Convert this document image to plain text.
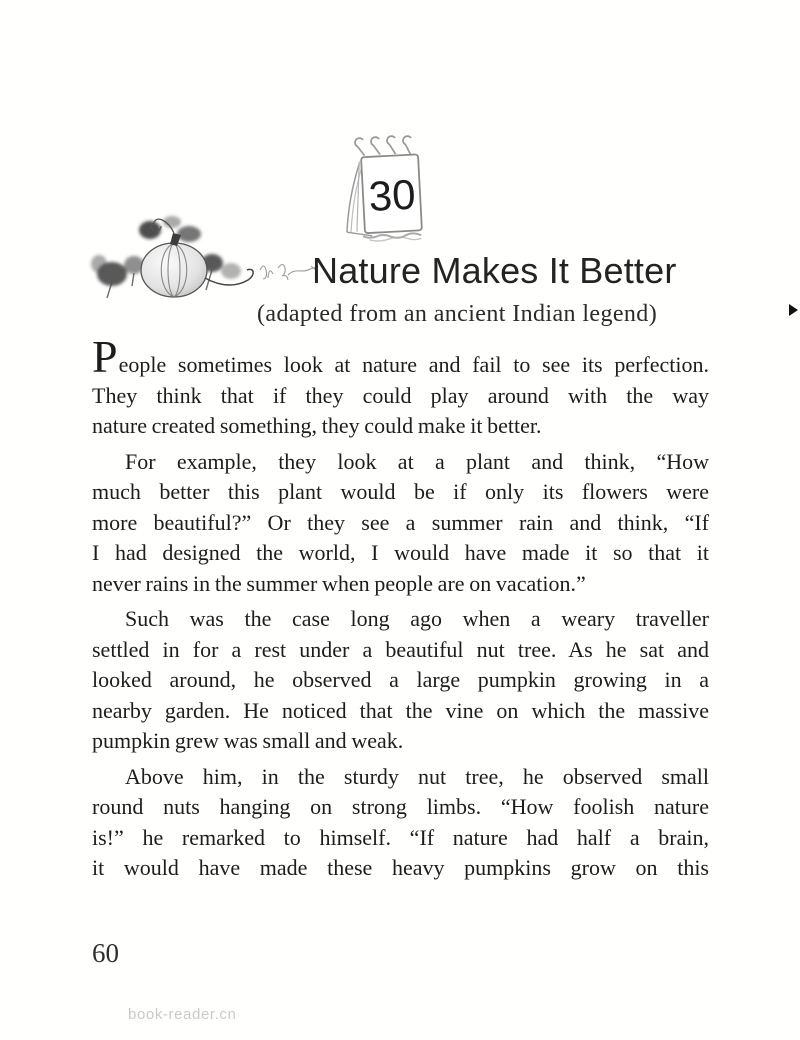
30
Nature Makes It Better
(adapted from an ancient Indian legend)
People sometimes look at nature and fail to see its perfection.
They think that if they could play around with the way
nature created something, they could make it better.
For example, they look at a plant and think, “How
much better this plant would be if only its flowers were
more beautiful?” Or they see a summer rain and think, “If
I had designed the world, I would have made it so that it
never rains in the summer when people are on vacation.”
Such was the case long ago when a weary traveller
settled in for a rest under a beautiful nut tree. As he sat and
looked around, he observed a large pumpkin growing in a
nearby garden. He noticed that the vine on which the massive
pumpkin grew was small and weak.
Above him, in the sturdy nut tree, he observed small
round nuts hanging on strong limbs. “How foolish nature
is!” he remarked to himself. “If nature had half a brain,
it would have made these heavy pumpkins grow on this
60
book-reader.cn
